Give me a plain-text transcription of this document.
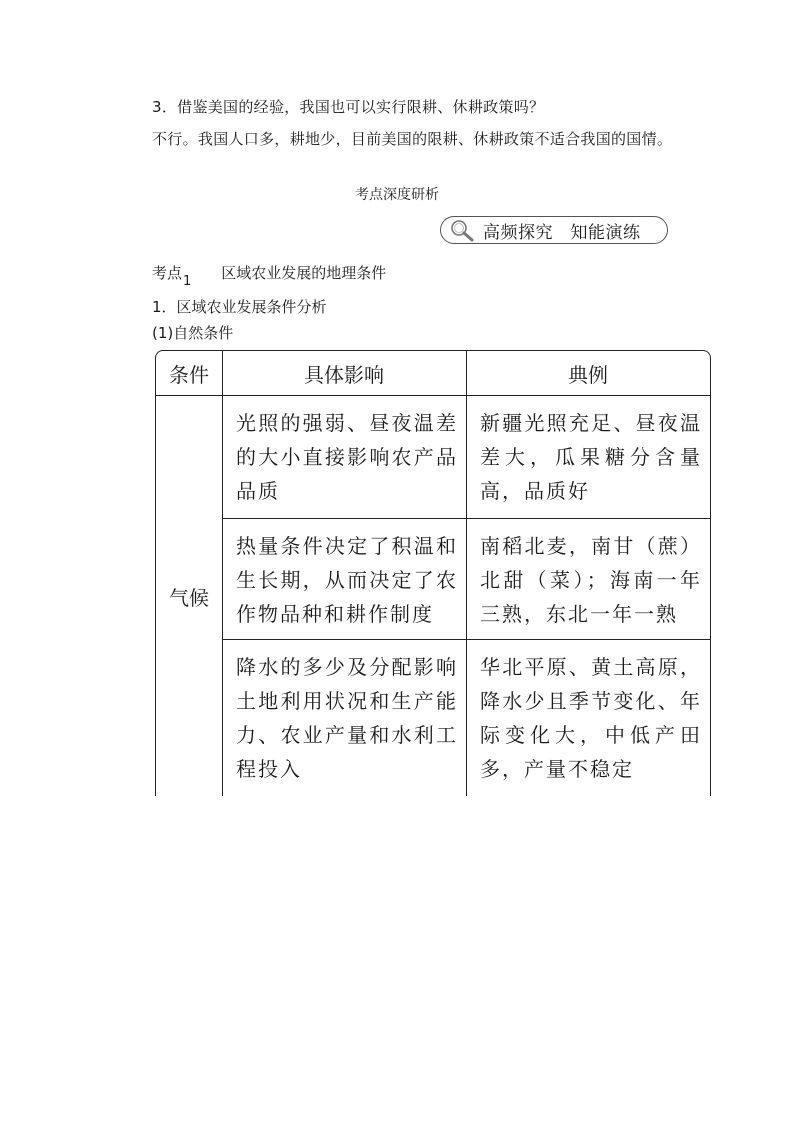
3．借鉴美国的经验，我国也可以实行限耕、休耕政策吗？
不行。我国人口多，耕地少，目前美国的限耕、休耕政策不适合我国的国情。
考点深度研析
高频探究　知能演练
考点1 区域农业发展的地理条件
1．区域农业发展条件分析
(1)自然条件
条件	具体影响	典例
气候
光照的强弱、昼夜温差的大小直接影响农产品品质
新疆光照充足、昼夜温差大，瓜果糖分含量高，品质好
热量条件决定了积温和生长期，从而决定了农作物品种和耕作制度
南稻北麦，南甘（蔗）北甜（菜）；海南一年三熟，东北一年一熟
降水的多少及分配影响土地利用状况和生产能力、农业产量和水利工程投入
华北平原、黄土高原，降水少且季节变化、年际变化大，中低产田多，产量不稳定
